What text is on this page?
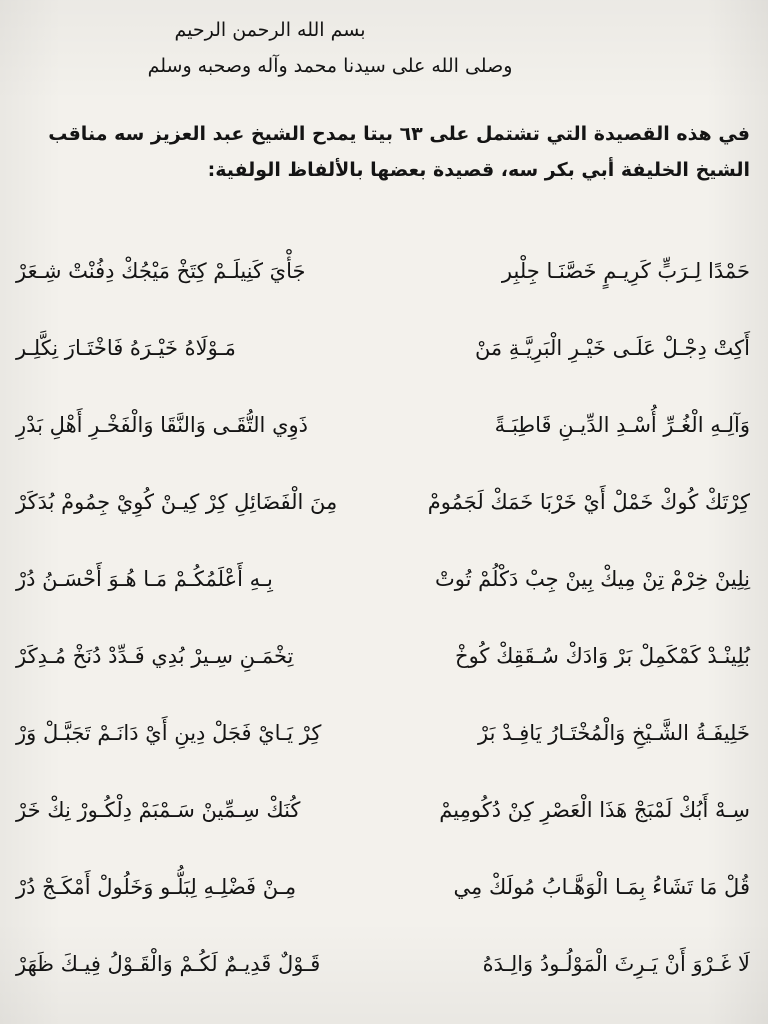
بسم الله الرحمن الرحيم

وصلى الله على سيدنا محمد وآله وصحبه وسلم

في هذه القصيدة التي تشتمل على ٦٣ بيتا يمدح الشيخ عبد العزيز سه مناقب الشيخ الخليفة أبي بكر سه، قصيدة بعضها بالألفاظ الولفية:

حَمْدًا لِـرَبٍّ كَرِيـمٍ خَصَّنَـا جِلْبِر
جَأْيَ كَنِيلَـمْ كِتَخْ مَيْجُكْ دِفُنْتْ شِـعَرْ
أَكِتْ دِجْـلْ عَلَـى خَيْـرِ الْبَرِيَّـةِ مَنْ
مَـوْلَاهُ خَيْـرَهُ فَاخْتَـارَ نِكَّلِـر
وَآلِـهِ الْغُـرِّ أُسْـدِ الدِّيـنِ قَاطِبَـةً
ذَوِي التُّقَـى وَالنَّقَا وَالْفَخْـرِ أَهْلِ بَدْرِ
كِرْتَكْ كُوكْ خَمْلْ أَيْ خَرْبَا خَمَكْ لَجَمُومْ
مِنَ الْفَضَائِلِ كِرْ كِيـنْ كُوِيْ جِمُومْ بُدَكَرْ
نِلِينْ خِرْمْ تِنْ مِيكْ بِينْ جِبْ دَكْلُمْ تُوتْ
بِـهِ أَعْلَمُكُـمْ مَـا هُـوَ أَحْسَـنُ دُرْ
بُلِينْـدْ كَمْكَمِلْ بَرْ وَادَكْ سُـقَقِكْ كُوخْ
تِخْمَـنِ سِـيرْ بُدِي فَـدِّدْ دُنَخْ مُـدِكَرْ
خَلِيفَـةُ الشَّـيْخِ وَالْمُخْتَـارُ يَافِـدْ بَرْ
كِرْ يَـايْ فَجَلْ دِينِ أَيْ دَانَـمْ تَجَبَّـلْ وَرْ
سِـهْ أَبُكْ لَمْبَجْ هَذَا الْعَصْرِ كِنْ دُكُومِيمْ
كُنَكْ سِـمِّينْ سَـمْبَمْ دِلْكُـورْ نِكْ خَرْ
قُلْ مَا تَشَاءُ بِمَـا الْوَهَّـابُ مُولَكْ مِي
مِـنْ فَضْلِـهِ لِبَلُّـو وَخَلُولْ أَمْكَـجْ دُرْ
لَا غَـرْوَ أَنْ يَـرِثَ الْمَوْلُـودُ وَالِـدَهُ
قَـوْلٌ قَدِيـمٌ لَكُـمْ وَالْقَـوْلُ فِيـكَ ظَهَرْ
